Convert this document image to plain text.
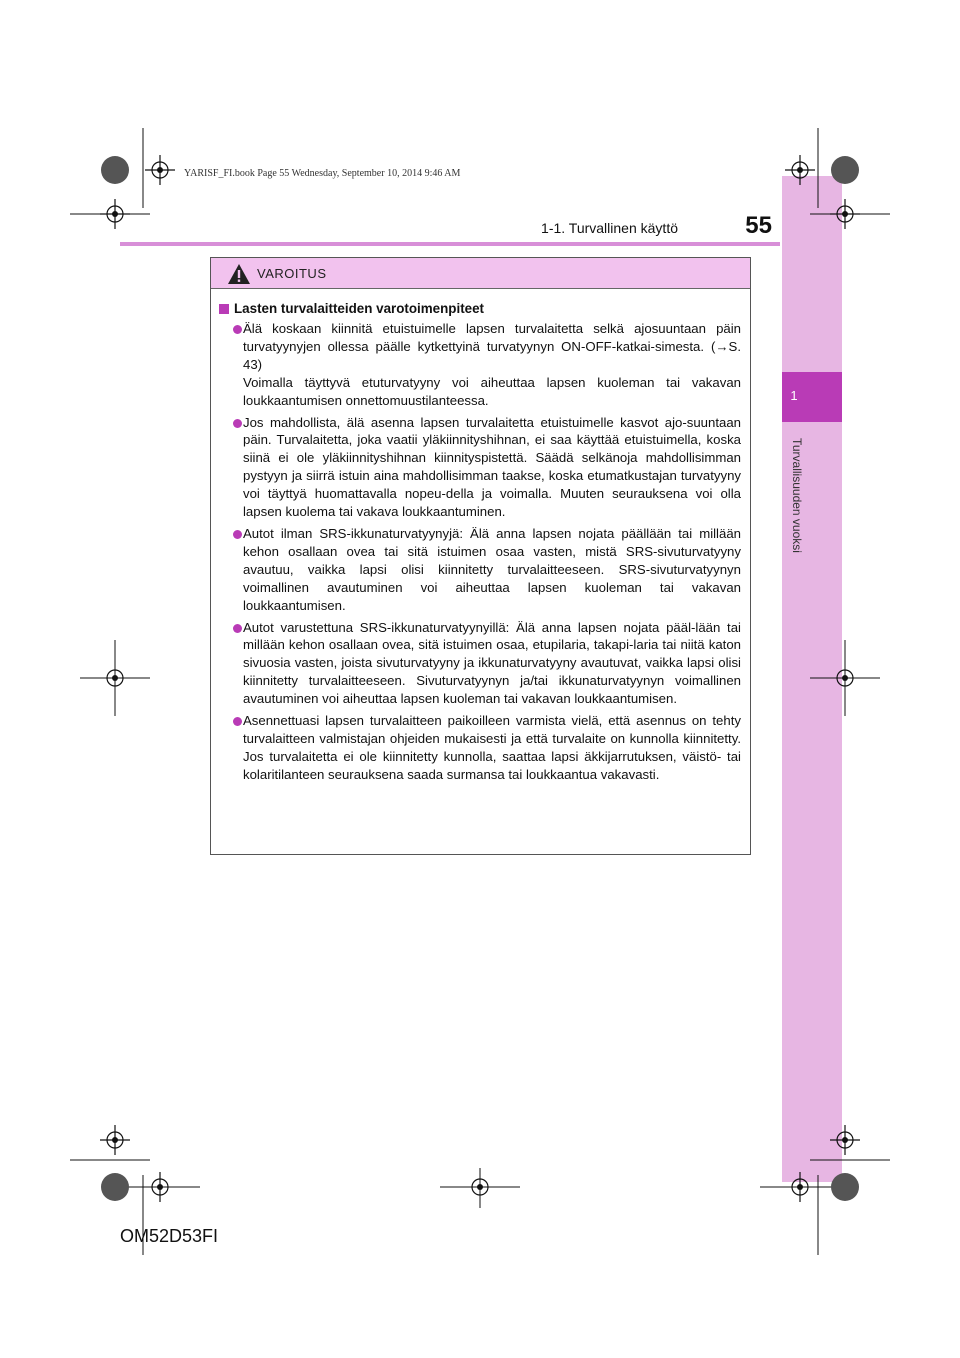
YARISF_FI.book Page 55 Wednesday, September 10, 2014 9:46 AM
1-1. Turvallinen käyttö	55
1
Turvallisuuden vuoksi
VAROITUS
Lasten turvalaitteiden varotoimenpiteet
Älä koskaan kiinnitä etuistuimelle lapsen turvalaitetta selkä ajosuuntaan päin turvatyynyjen ollessa päälle kytkettyinä turvatyynyn ON-OFF-katkai-simesta. (→S. 43)
Voimalla täyttyvä etuturvatyyny voi aiheuttaa lapsen kuoleman tai vakavan loukkaantumisen onnettomuustilanteessa.
Jos mahdollista, älä asenna lapsen turvalaitetta etuistuimelle kasvot ajo-suuntaan päin. Turvalaitetta, joka vaatii yläkiinnityshihnan, ei saa käyttää etuistuimella, koska siinä ei ole yläkiinnityshihnan kiinnityspistettä. Säädä selkänoja mahdollisimman pystyyn ja siirrä istuin aina mahdollisimman taakse, koska etumatkustajan turvatyyny voi täyttyä huomattavalla nopeu-della ja voimalla. Muuten seurauksena voi olla lapsen kuolema tai vakava loukkaantuminen.
Autot ilman SRS-ikkunaturvatyynyjä: Älä anna lapsen nojata päällään tai millään kehon osallaan ovea tai sitä istuimen osaa vasten, mistä SRS-sivuturvatyyny avautuu, vaikka lapsi olisi kiinnitetty turvalaitteeseen. SRS-sivuturvatyynyn voimallinen avautuminen voi aiheuttaa lapsen kuoleman tai vakavan loukkaantumisen.
Autot varustettuna SRS-ikkunaturvatyynyillä: Älä anna lapsen nojata pääl-lään tai millään kehon osallaan ovea, sitä istuimen osaa, etupilaria, takapi-laria tai niitä katon sivuosia vasten, joista sivuturvatyyny ja ikkunaturvatyyny avautuvat, vaikka lapsi olisi kiinnitetty turvalaitteeseen. Sivuturvatyynyn ja/tai ikkunaturvatyynyn voimallinen avautuminen voi aiheuttaa lapsen kuoleman tai vakavan loukkaantumisen.
Asennettuasi lapsen turvalaitteen paikoilleen varmista vielä, että asennus on tehty turvalaitteen valmistajan ohjeiden mukaisesti ja että turvalaite on kunnolla kiinnitetty. Jos turvalaitetta ei ole kiinnitetty kunnolla, saattaa lapsi äkkijarrutuksen, väistö- tai kolaritilanteen seurauksena saada surmansa tai loukkaantua vakavasti.
OM52D53FI
